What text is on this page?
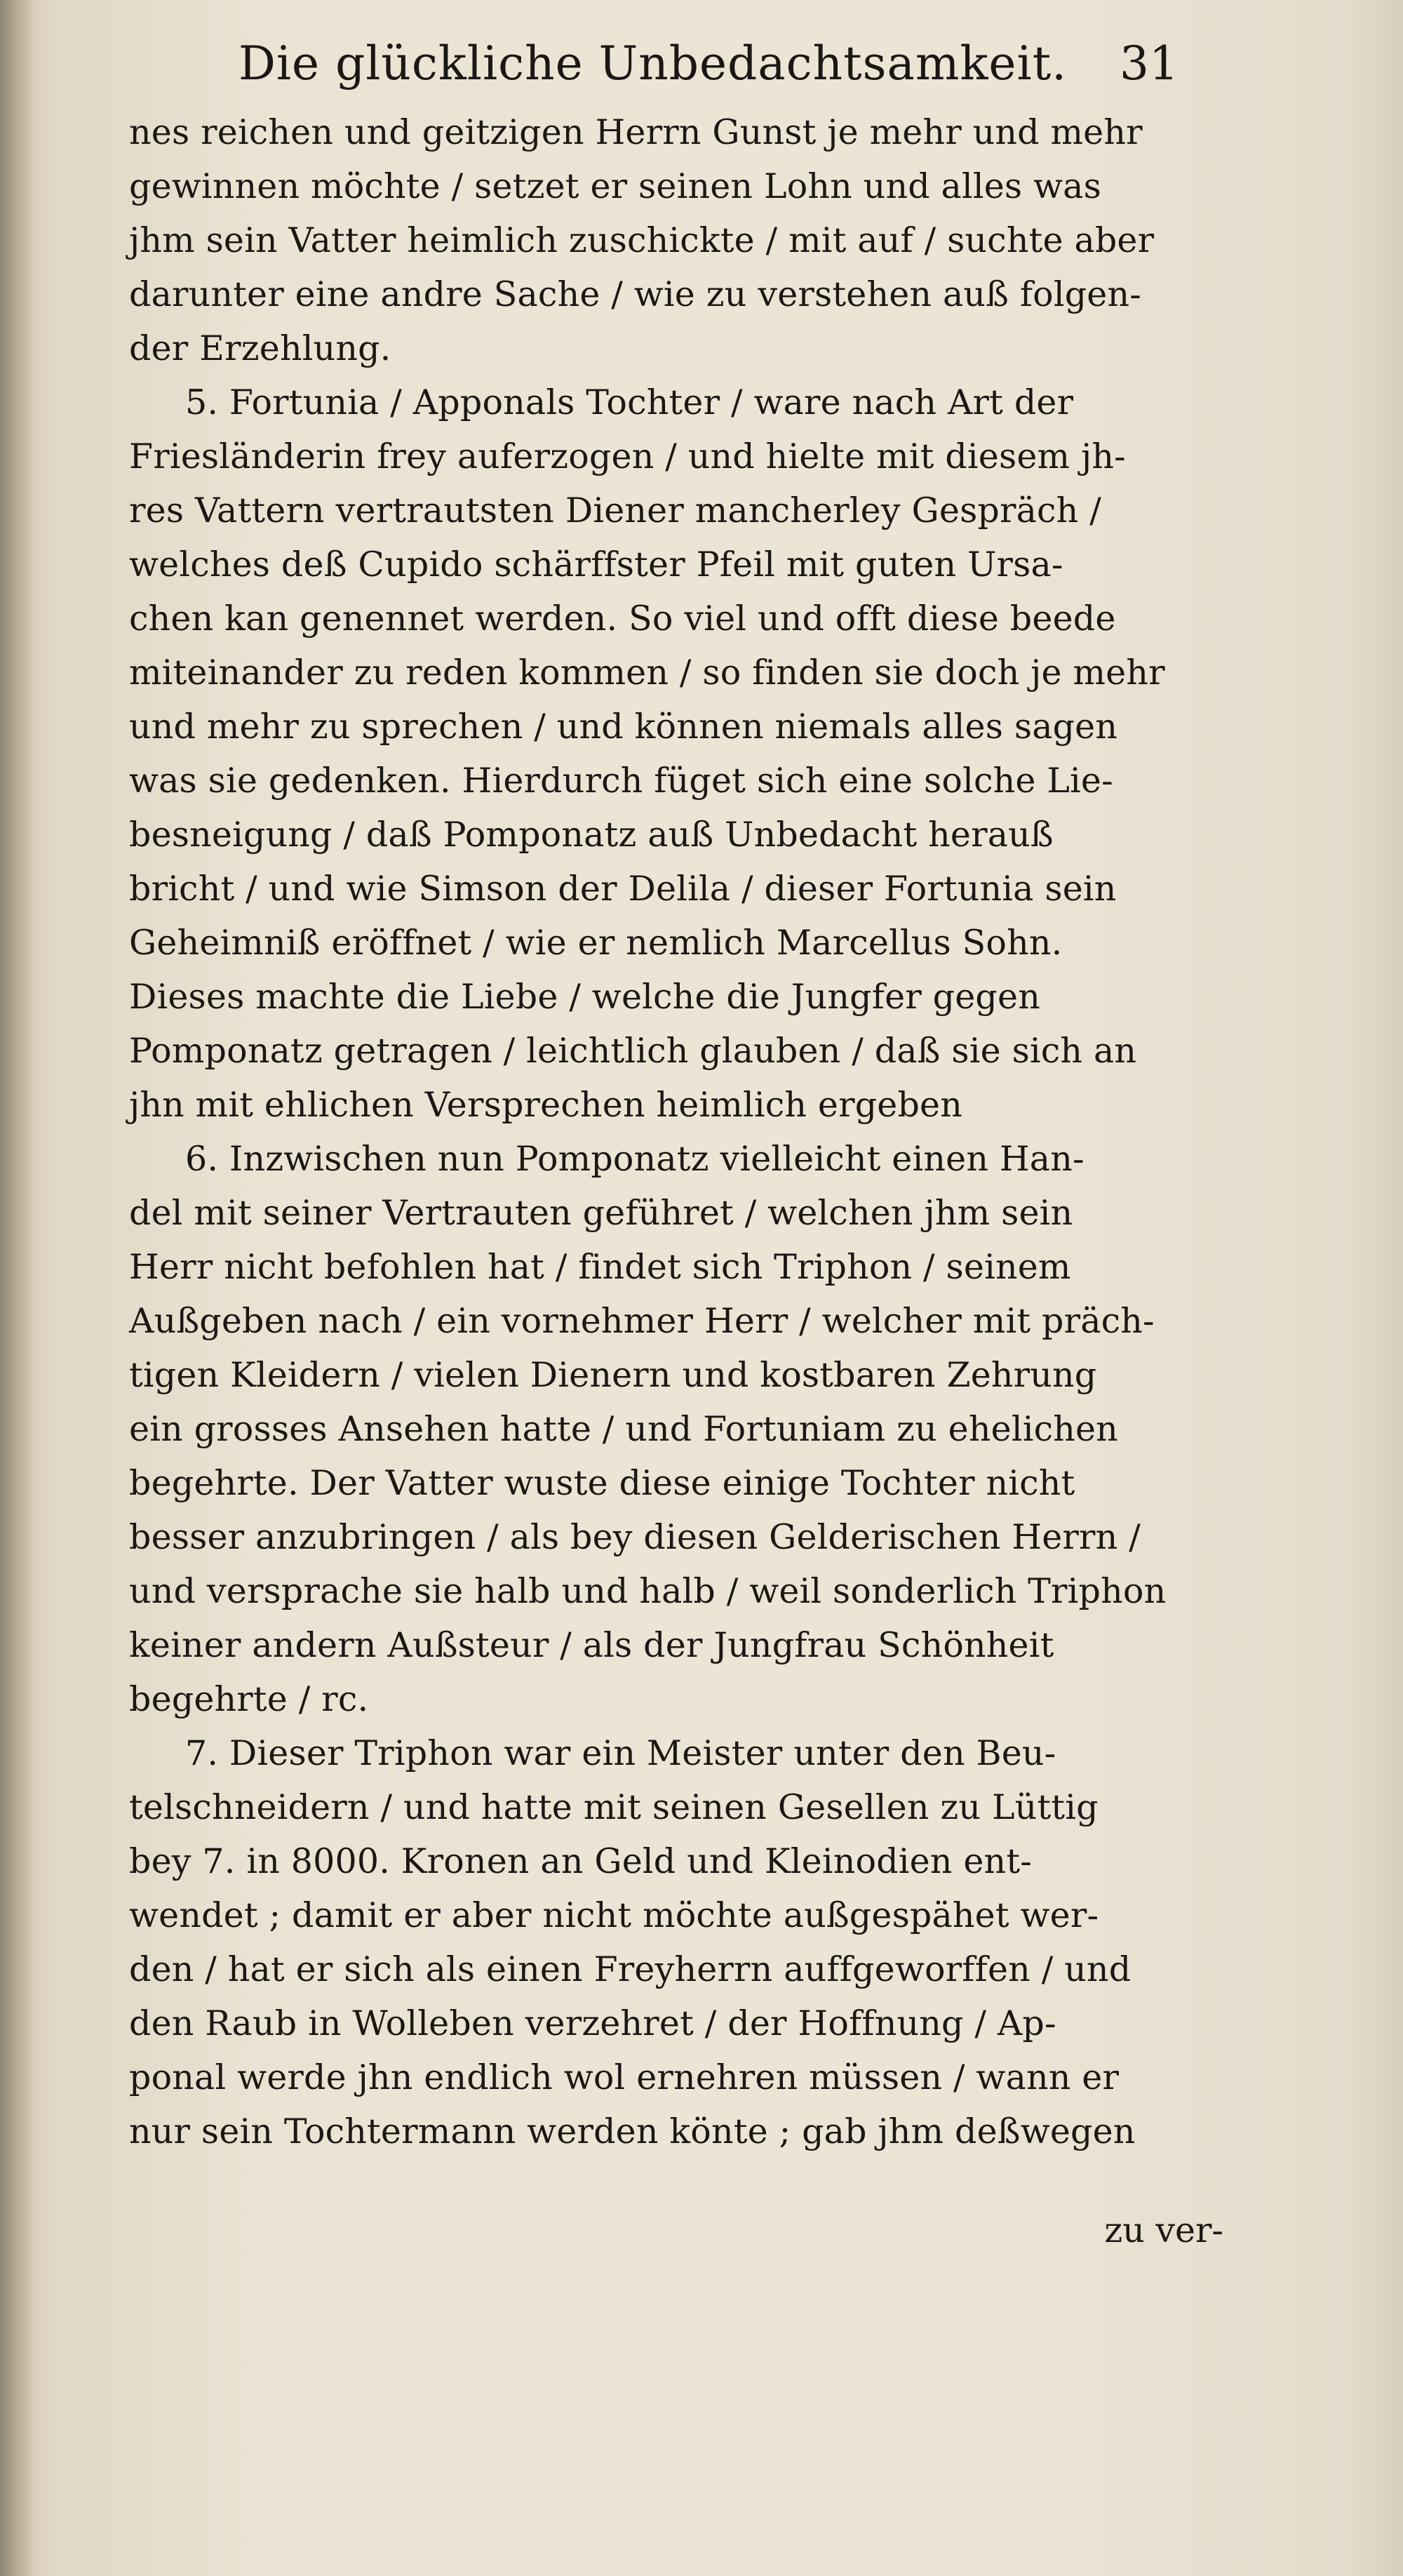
Die glückliche Unbedachtsamkeit. 31
nes reichen und geitzigen Herrn Gunst je mehr und mehr
gewinnen möchte / setzet er seinen Lohn und alles was
jhm sein Vatter heimlich zuschickte / mit auf / suchte aber
darunter eine andre Sache / wie zu verstehen auß folgen-
der Erzehlung.
5. Fortunia / Apponals Tochter / ware nach Art der
Friesländerin frey auferzogen / und hielte mit diesem jh-
res Vattern vertrautsten Diener mancherley Gespräch /
welches deß Cupido schärffster Pfeil mit guten Ursa-
chen kan genennet werden. So viel und offt diese beede
miteinander zu reden kommen / so finden sie doch je mehr
und mehr zu sprechen / und können niemals alles sagen
was sie gedenken. Hierdurch füget sich eine solche Lie-
besneigung / daß Pomponatz auß Unbedacht herauß
bricht / und wie Simson der Delila / dieser Fortunia sein
Geheimniß eröffnet / wie er nemlich Marcellus Sohn.
Dieses machte die Liebe / welche die Jungfer gegen
Pomponatz getragen / leichtlich glauben / daß sie sich an
jhn mit ehlichen Versprechen heimlich ergeben
6. Inzwischen nun Pomponatz vielleicht einen Han-
del mit seiner Vertrauten geführet / welchen jhm sein
Herr nicht befohlen hat / findet sich Triphon / seinem
Außgeben nach / ein vornehmer Herr / welcher mit präch-
tigen Kleidern / vielen Dienern und kostbaren Zehrung
ein grosses Ansehen hatte / und Fortuniam zu ehelichen
begehrte. Der Vatter wuste diese einige Tochter nicht
besser anzubringen / als bey diesen Gelderischen Herrn /
und versprache sie halb und halb / weil sonderlich Triphon
keiner andern Außsteur / als der Jungfrau Schönheit
begehrte / rc.
7. Dieser Triphon war ein Meister unter den Beu-
telschneidern / und hatte mit seinen Gesellen zu Lüttig
bey 7. in 8000. Kronen an Geld und Kleinodien ent-
wendet ; damit er aber nicht möchte außgespähet wer-
den / hat er sich als einen Freyherrn auffgeworffen / und
den Raub in Wolleben verzehret / der Hoffnung / Ap-
ponal werde jhn endlich wol ernehren müssen / wann er
nur sein Tochtermann werden könte ; gab jhm deßwegen
zu ver-
